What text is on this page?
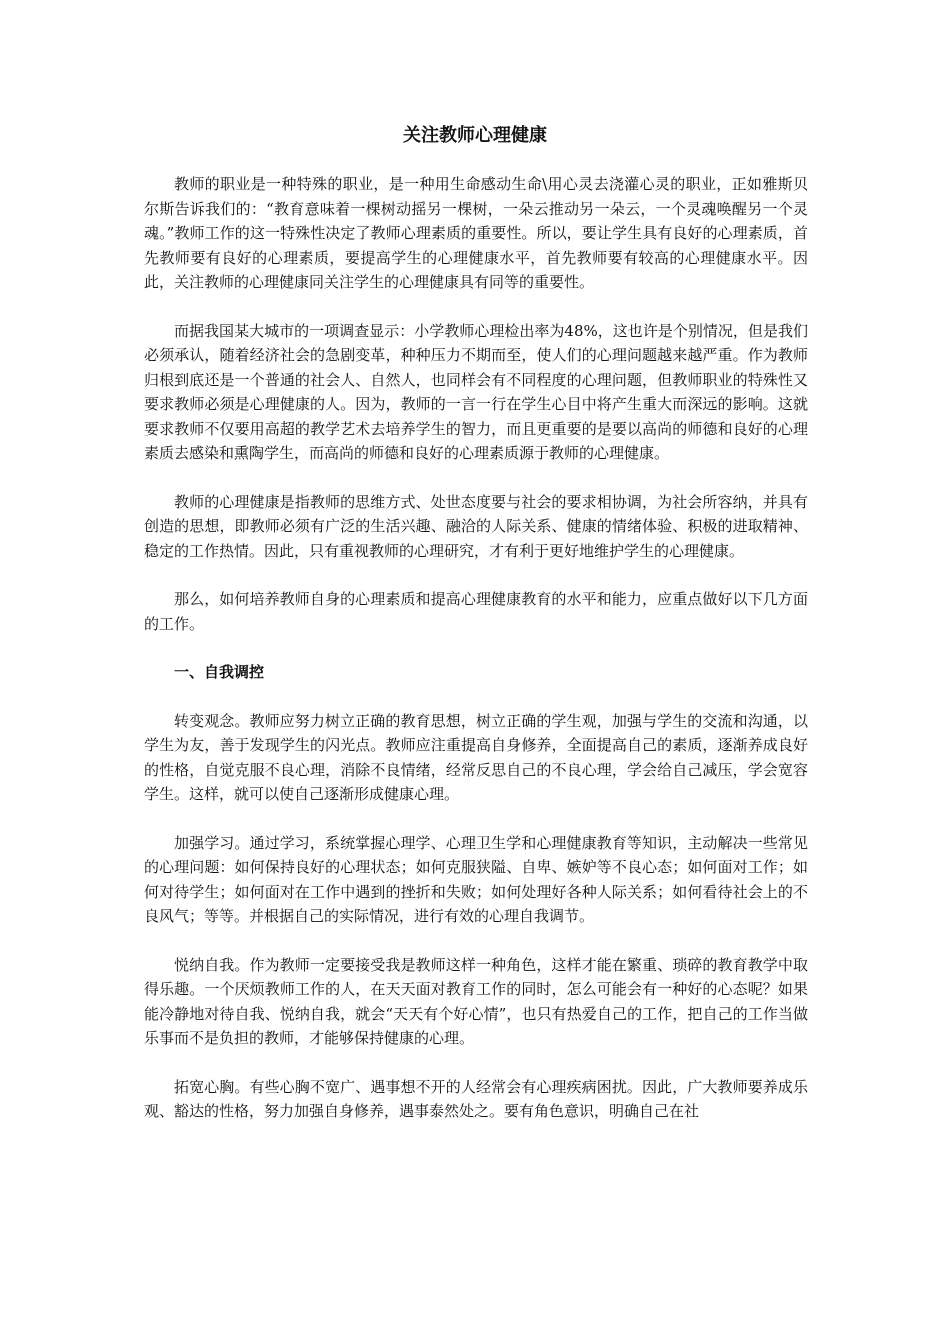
关注教师心理健康

教师的职业是一种特殊的职业，是一种用生命感动生命\用心灵去浇灌心灵的职业，正如雅斯贝尔斯告诉我们的：“教育意味着一棵树动摇另一棵树，一朵云推动另一朵云，一个灵魂唤醒另一个灵魂。”教师工作的这一特殊性决定了教师心理素质的重要性。所以，要让学生具有良好的心理素质，首先教师要有良好的心理素质，要提高学生的心理健康水平，首先教师要有较高的心理健康水平。因此，关注教师的心理健康同关注学生的心理健康具有同等的重要性。

而据我国某大城市的一项调查显示：小学教师心理检出率为48%，这也许是个别情况，但是我们必须承认，随着经济社会的急剧变革，种种压力不期而至，使人们的心理问题越来越严重。作为教师归根到底还是一个普通的社会人、自然人，也同样会有不同程度的心理问题，但教师职业的特殊性又要求教师必须是心理健康的人。因为，教师的一言一行在学生心目中将产生重大而深远的影响。这就要求教师不仅要用高超的教学艺术去培养学生的智力，而且更重要的是要以高尚的师德和良好的心理素质去感染和熏陶学生，而高尚的师德和良好的心理素质源于教师的心理健康。

教师的心理健康是指教师的思维方式、处世态度要与社会的要求相协调，为社会所容纳，并具有创造的思想，即教师必须有广泛的生活兴趣、融洽的人际关系、健康的情绪体验、积极的进取精神、稳定的工作热情。因此，只有重视教师的心理研究，才有利于更好地维护学生的心理健康。

那么，如何培养教师自身的心理素质和提高心理健康教育的水平和能力，应重点做好以下几方面的工作。

一、自我调控

转变观念。教师应努力树立正确的教育思想，树立正确的学生观，加强与学生的交流和沟通，以学生为友，善于发现学生的闪光点。教师应注重提高自身修养，全面提高自己的素质，逐渐养成良好的性格，自觉克服不良心理，消除不良情绪，经常反思自己的不良心理，学会给自己减压，学会宽容学生。这样，就可以使自己逐渐形成健康心理。

加强学习。通过学习，系统掌握心理学、心理卫生学和心理健康教育等知识，主动解决一些常见的心理问题：如何保持良好的心理状态；如何克服狭隘、自卑、嫉妒等不良心态；如何面对工作；如何对待学生；如何面对在工作中遇到的挫折和失败；如何处理好各种人际关系；如何看待社会上的不良风气；等等。并根据自己的实际情况，进行有效的心理自我调节。

悦纳自我。作为教师一定要接受我是教师这样一种角色，这样才能在繁重、琐碎的教育教学中取得乐趣。一个厌烦教师工作的人，在天天面对教育工作的同时，怎么可能会有一种好的心态呢？如果能冷静地对待自我、悦纳自我，就会“天天有个好心情”，也只有热爱自己的工作，把自己的工作当做乐事而不是负担的教师，才能够保持健康的心理。

拓宽心胸。有些心胸不宽广、遇事想不开的人经常会有心理疾病困扰。因此，广大教师要养成乐观、豁达的性格，努力加强自身修养，遇事泰然处之。要有角色意识，明确自己在社
